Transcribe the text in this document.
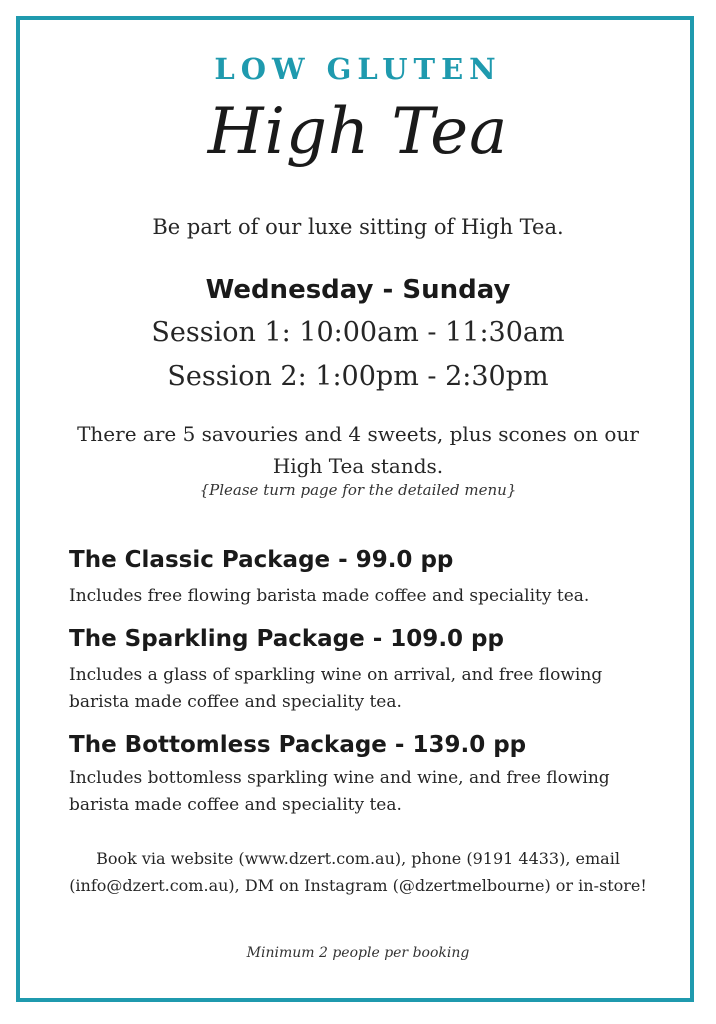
LOW GLUTEN
High Tea
Be part of our luxe sitting of High Tea.
Wednesday - Sunday
Session 1: 10:00am - 11:30am
Session 2: 1:00pm - 2:30pm
There are 5 savouries and 4 sweets, plus scones on our High Tea stands.
{Please turn page for the detailed menu}
The Classic Package - 99.0 pp
Includes free flowing barista made coffee and speciality tea.
The Sparkling Package - 109.0 pp
Includes a glass of sparkling wine on arrival, and free flowing barista made coffee and speciality tea.
The Bottomless Package - 139.0 pp
Includes bottomless sparkling wine and wine, and free flowing barista made coffee and speciality tea.
Book via website (www.dzert.com.au), phone (9191 4433), email (info@dzert.com.au), DM on Instagram (@dzertmelbourne) or in-store!
Minimum 2 people per booking
